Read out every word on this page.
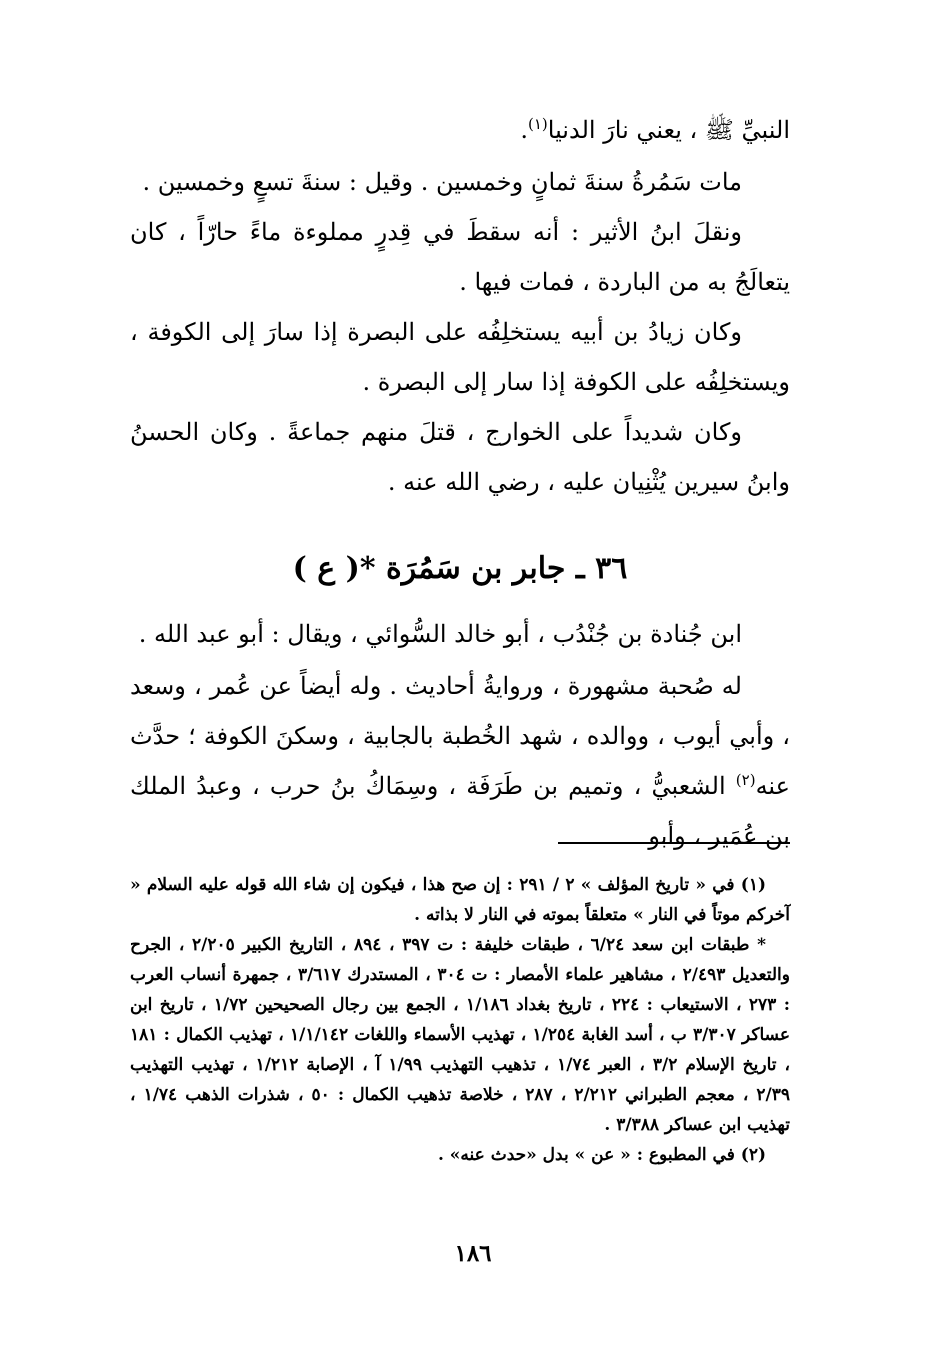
النبيِّ ﷺ ، يعني نارَ الدنيا$^{(١)}$.

مات سَمُرةُ سنةَ ثمانٍ وخمسين . وقيل : سنةَ تسعٍ وخمسين .

ونقلَ ابنُ الأثير : أنه سقطَ في قِدرٍ مملوءة ماءً حارّاً ، كان يتعالَجُ به من الباردة ، فمات فيها .

وكان زيادُ بن أبيه يستخلِفُه على البصرة إذا سارَ إلى الكوفة ، ويستخلِفُه على الكوفة إذا سار إلى البصرة .

وكان شديداً على الخوارج ، قتلَ منهم جماعةً . وكان الحسنُ وابنُ سيرين يُثْنِيان عليه ، رضي الله عنه .

٣٦ ـ جابر بن سَمُرَة *( ع )

ابن جُنادة بن جُنْدُب ، أبو خالد السُّوائي ، ويقال : أبو عبد الله .

له صُحبة مشهورة ، وروايةُ أحاديث . وله أيضاً عن عُمر ، وسعد ، وأبي أيوب ، ووالده ، شهد الخُطبة بالجابية ، وسكنَ الكوفة ؛ حدَّث عنه$^{(٢)}$ الشعبيُّ ، وتميم بن طَرَفَة ، وسِمَاكُ بنُ حرب ، وعبدُ الملك بن عُمَير ، وأبو

(١) في « تاريخ المؤلف » ٢ / ٢٩١ : إن صح هذا ، فيكون إن شاء الله قوله عليه السلام « آخركم موتاً في النار » متعلقاً بموته في النار لا بذاته .

* طبقات ابن سعد ٦/٢٤ ، طبقات خليفة : ت ٣٩٧ ، ٨٩٤ ، التاريخ الكبير ٢/٢٠٥ ، الجرح والتعديل ٢/٤٩٣ ، مشاهير علماء الأمصار : ت ٣٠٤ ، المستدرك ٣/٦١٧ ، جمهرة أنساب العرب : ٢٧٣ ، الاستيعاب : ٢٢٤ ، تاريخ بغداد ١/١٨٦ ، الجمع بين رجال الصحيحين ١/٧٢ ، تاريخ ابن عساكر ٣/٣٠٧ ب ، أسد الغابة ١/٢٥٤ ، تهذيب الأسماء واللغات ١/١/١٤٢ ، تهذيب الكمال : ١٨١ ، تاريخ الإسلام ٣/٢ ، العبر ١/٧٤ ، تذهيب التهذيب ١/٩٩ آ ، الإصابة ١/٢١٢ ، تهذيب التهذيب ٢/٣٩ ، معجم الطبراني ٢/٢١٢ ، ٢٨٧ ، خلاصة تذهيب الكمال : ٥٠ ، شذرات الذهب ١/٧٤ ، تهذيب ابن عساكر ٣/٣٨٨ .

(٢) في المطبوع : « عن » بدل «حدث عنه» .

١٨٦
